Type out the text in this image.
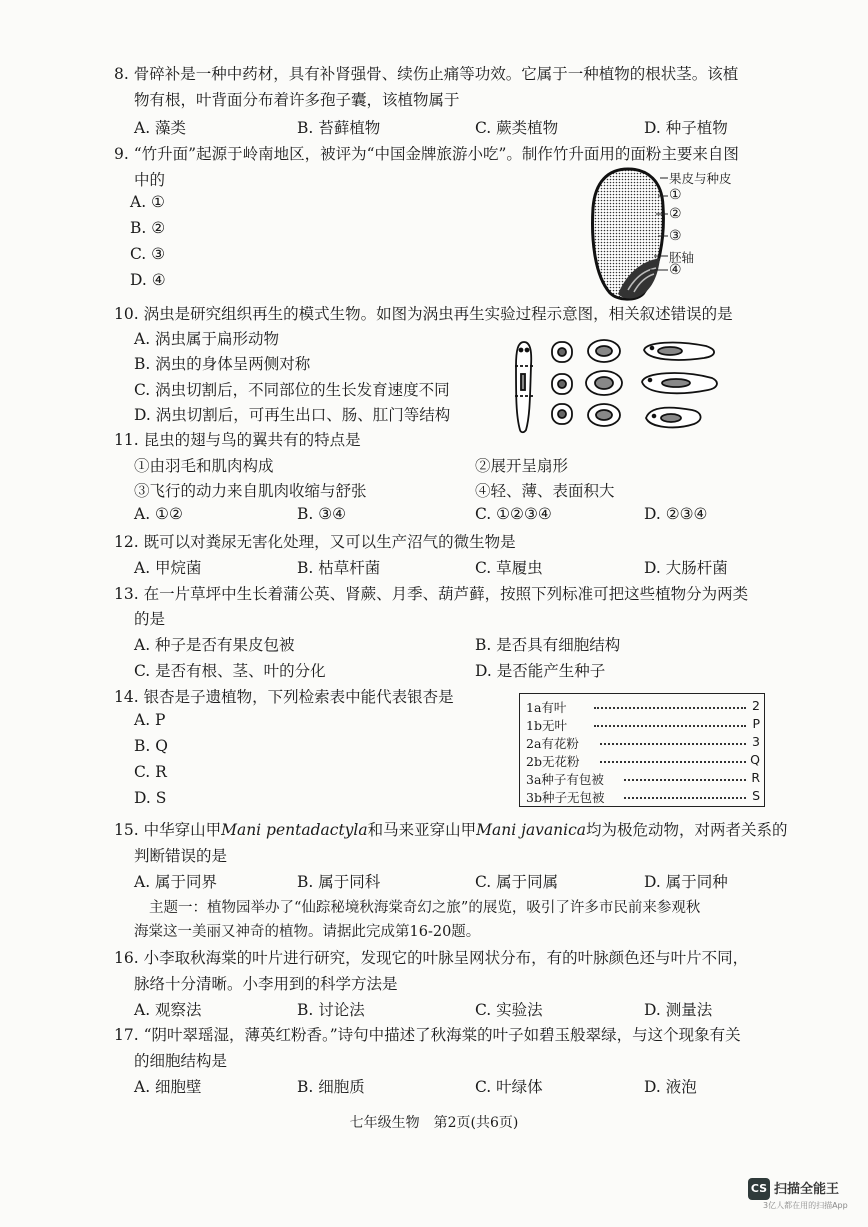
8. 骨碎补是一种中药材，具有补肾强骨、续伤止痛等功效。它属于一种植物的根状茎。该植
物有根，叶背面分布着许多孢子囊，该植物属于
A. 藻类	B. 苔藓植物	C. 蕨类植物	D. 种子植物
9. “竹升面”起源于岭南地区，被评为“中国金牌旅游小吃”。制作竹升面用的面粉主要来自图
中的
A. ①
B. ②
C. ③
D. ④
果皮与种皮
①
②
③
胚轴
④
10. 涡虫是研究组织再生的模式生物。如图为涡虫再生实验过程示意图，相关叙述错误的是
A. 涡虫属于扁形动物
B. 涡虫的身体呈两侧对称
C. 涡虫切割后，不同部位的生长发育速度不同
D. 涡虫切割后，可再生出口、肠、肛门等结构
11. 昆虫的翅与鸟的翼共有的特点是
①由羽毛和肌肉构成	②展开呈扇形
③飞行的动力来自肌肉收缩与舒张	④轻、薄、表面积大
A. ①②	B. ③④	C. ①②③④	D. ②③④
12. 既可以对粪尿无害化处理，又可以生产沼气的微生物是
A. 甲烷菌	B. 枯草杆菌	C. 草履虫	D. 大肠杆菌
13. 在一片草坪中生长着蒲公英、肾蕨、月季、葫芦藓，按照下列标准可把这些植物分为两类
的是
A. 种子是否有果皮包被	B. 是否具有细胞结构
C. 是否有根、茎、叶的分化	D. 是否能产生种子
14. 银杏是子遗植物，下列检索表中能代表银杏是
A. P
B. Q
C. R
D. S
1a有叶	2
1b无叶	P
2a有花粉	3
2b无花粉	Q
3a种子有包被	R
3b种子无包被	S
15. 中华穿山甲Mani pentadactyla和马来亚穿山甲Mani javanica均为极危动物，对两者关系的
判断错误的是
A. 属于同界	B. 属于同科	C. 属于同属	D. 属于同种
主题一：植物园举办了“仙踪秘境秋海棠奇幻之旅”的展览，吸引了许多市民前来参观秋
海棠这一美丽又神奇的植物。请据此完成第16-20题。
16. 小李取秋海棠的叶片进行研究，发现它的叶脉呈网状分布，有的叶脉颜色还与叶片不同，
脉络十分清晰。小李用到的科学方法是
A. 观察法	B. 讨论法	C. 实验法	D. 测量法
17. “阴叶翠瑶湿，薄英红粉香。”诗句中描述了秋海棠的叶子如碧玉般翠绿，与这个现象有关
的细胞结构是
A. 细胞壁	B. 细胞质	C. 叶绿体	D. 液泡
七年级生物　第2页(共6页)
CS 扫描全能王
3亿人都在用的扫描App
